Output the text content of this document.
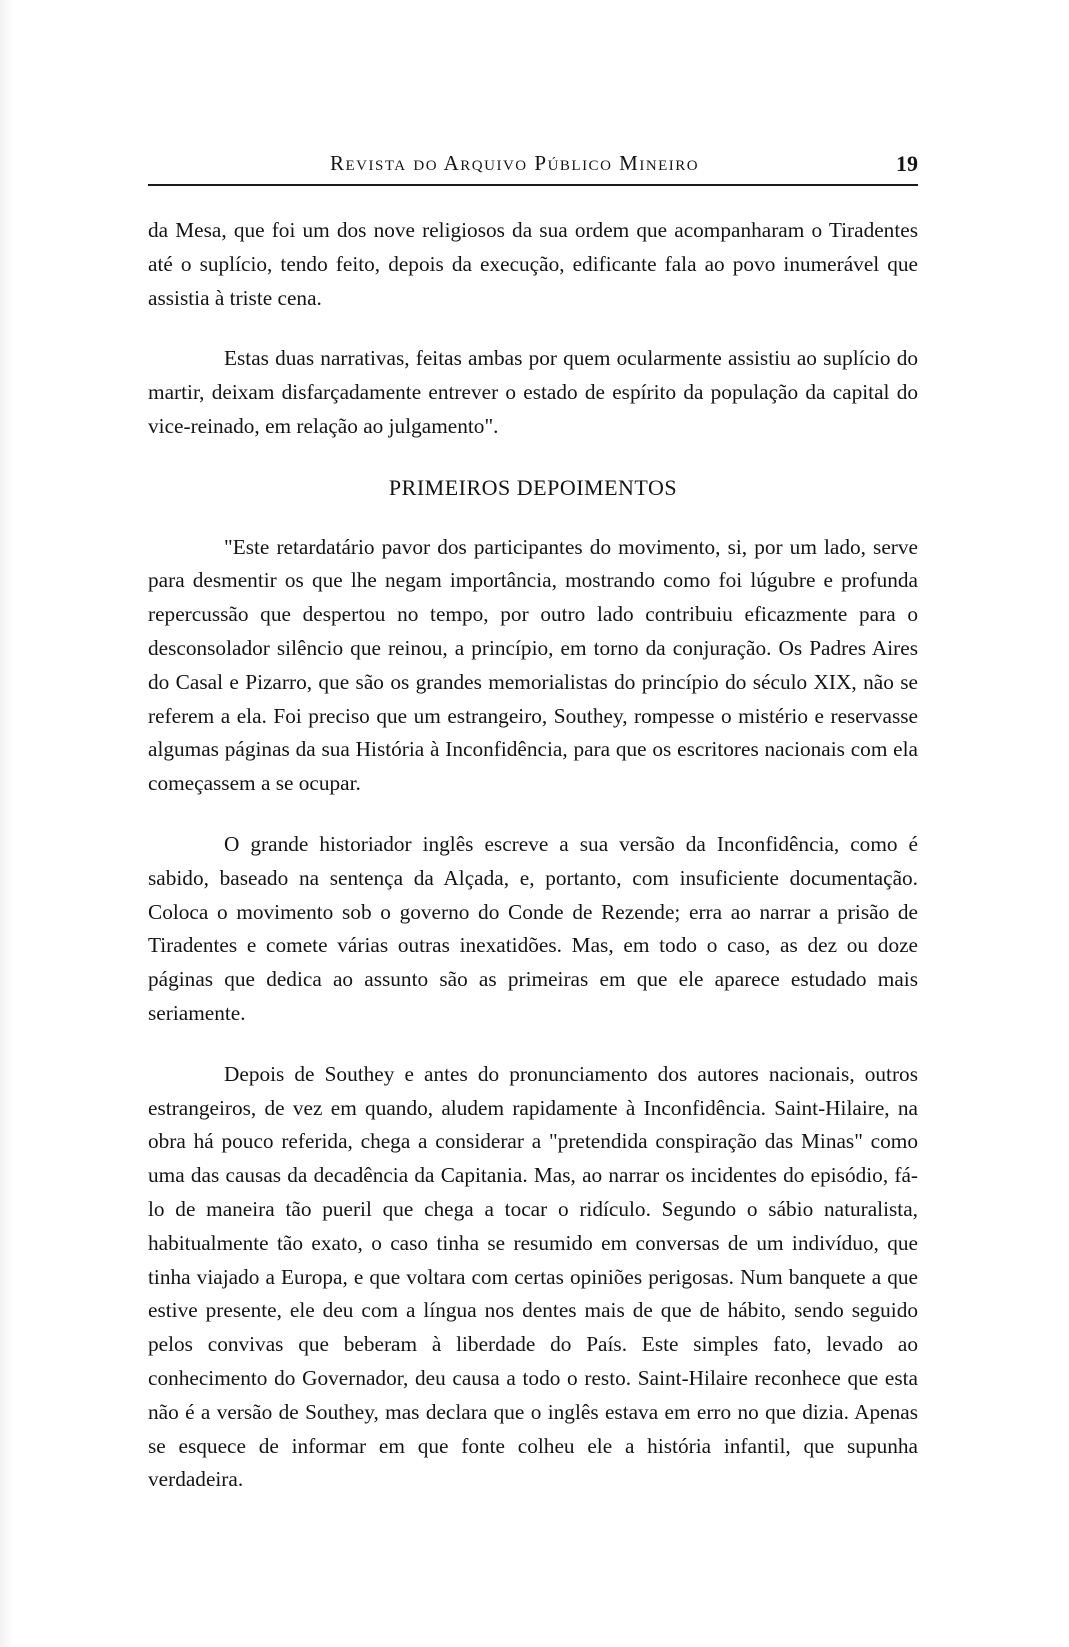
Revista do Arquivo Público Mineiro	19

da Mesa, que foi um dos nove religiosos da sua ordem que acompanharam o Tiradentes até o suplício, tendo feito, depois da execução, edificante fala ao povo inumerável que assistia à triste cena.

Estas duas narrativas, feitas ambas por quem ocularmente assistiu ao suplício do martir, deixam disfarçadamente entrever o estado de espírito da população da capital do vice-reinado, em relação ao julgamento".

PRIMEIROS DEPOIMENTOS

"Este retardatário pavor dos participantes do movimento, si, por um lado, serve para desmentir os que lhe negam importância, mostrando como foi lúgubre e profunda repercussão que despertou no tempo, por outro lado contribuiu eficazmente para o desconsolador silêncio que reinou, a princípio, em torno da conjuração. Os Padres Aires do Casal e Pizarro, que são os grandes memorialistas do princípio do século XIX, não se referem a ela. Foi preciso que um estrangeiro, Southey, rompesse o mistério e reservasse algumas páginas da sua História à Inconfidência, para que os escritores nacionais com ela começassem a se ocupar.

O grande historiador inglês escreve a sua versão da Inconfidência, como é sabido, baseado na sentença da Alçada, e, portanto, com insuficiente documentação. Coloca o movimento sob o governo do Conde de Rezende; erra ao narrar a prisão de Tiradentes e comete várias outras inexatidões. Mas, em todo o caso, as dez ou doze páginas que dedica ao assunto são as primeiras em que ele aparece estudado mais seriamente.

Depois de Southey e antes do pronunciamento dos autores nacionais, outros estrangeiros, de vez em quando, aludem rapidamente à Inconfidência. Saint-Hilaire, na obra há pouco referida, chega a considerar a "pretendida conspiração das Minas" como uma das causas da decadência da Capitania. Mas, ao narrar os incidentes do episódio, fá-lo de maneira tão pueril que chega a tocar o ridículo. Segundo o sábio naturalista, habitualmente tão exato, o caso tinha se resumido em conversas de um indivíduo, que tinha viajado a Europa, e que voltara com certas opiniões perigosas. Num banquete a que estive presente, ele deu com a língua nos dentes mais de que de hábito, sendo seguido pelos convivas que beberam à liberdade do País. Este simples fato, levado ao conhecimento do Governador, deu causa a todo o resto. Saint-Hilaire reconhece que esta não é a versão de Southey, mas declara que o inglês estava em erro no que dizia. Apenas se esquece de informar em que fonte colheu ele a história infantil, que supunha verdadeira.
